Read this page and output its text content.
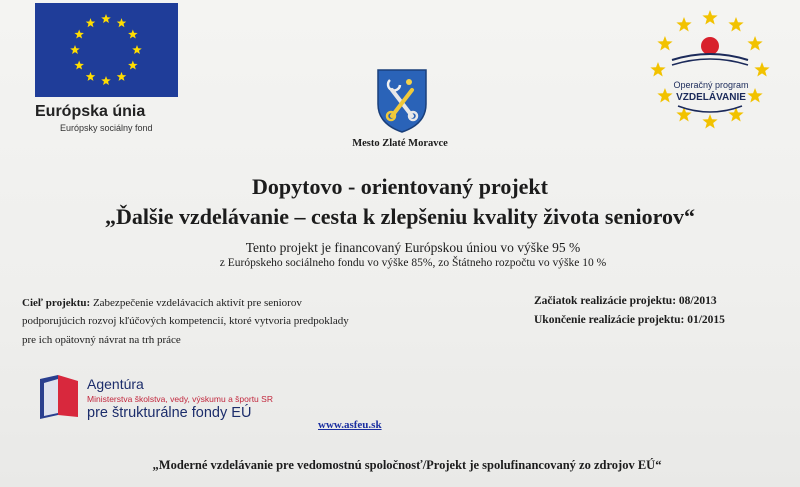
Európska únia
Európsky sociálny fond
Mesto Zlaté Moravce
Operačný program
VZDELÁVANIE
Dopytovo - orientovaný projekt
„Ďalšie vzdelávanie – cesta k zlepšeniu kvality života seniorov“
Tento projekt je financovaný Európskou úniou vo výške 95 %
z Európskeho sociálneho fondu vo výške 85%, zo Štátneho rozpočtu vo výške 10 %
Cieľ projektu: Zabezpečenie vzdelávacích aktivít pre seniorov
podporujúcich rozvoj kľúčových kompetencií, ktoré vytvoria predpoklady
pre ich opätovný návrat na trh práce
Začiatok realizácie projektu: 08/2013
Ukončenie realizácie projektu: 01/2015
Agentúra
Ministerstva školstva, vedy, výskumu a športu SR
pre štrukturálne fondy EÚ
www.asfeu.sk
„Moderné vzdelávanie pre vedomostnú spoločnosť/Projekt je spolufinancovaný zo zdrojov EÚ“
